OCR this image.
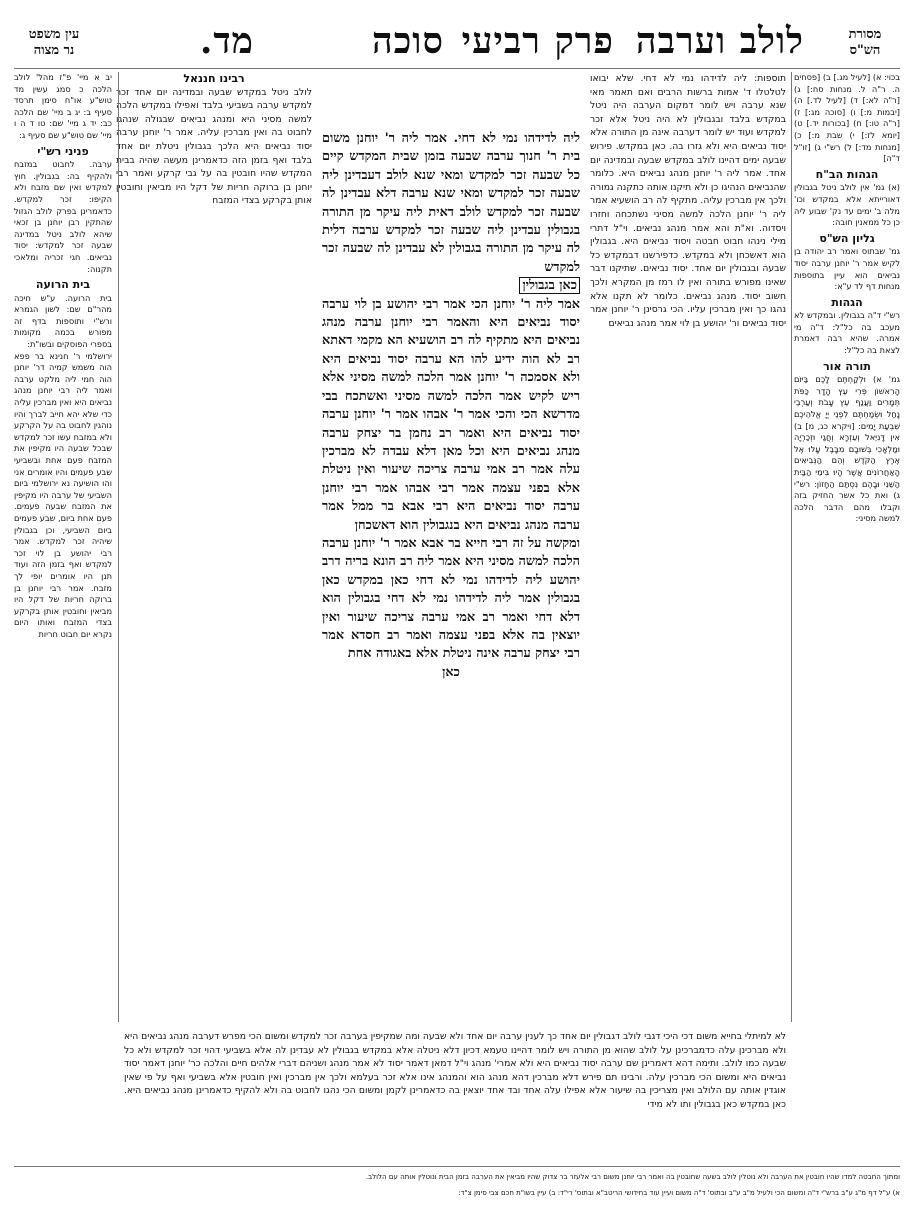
מסורת
הש"ס
לולב וערבה
פרק רביעי
סוכה
מד.
עין משפט
נר מצוה

בכוי: א) [לעיל מג.] ב) [פסחים ה. ר"ה ל. מנחות סח:] ג) [ר"ה לא:] ד) [לעיל לד.] ה) [יבמות מ:] ו) [סוכה מג:] ז) [ר"ה טו:] ח) [בכורות יד.] ט) [יומא לז:] י) שבת מ:] כ) [מנחות מד:] ל) רש"י ג) [זו"ל ד"ה]

הגהות הב"ח

(א) גמ' אין לולב ניטל בגבולין דאורייתא אלא במקדש וכו' מלה ב' ימים עד נק' שבוע ליה כן כל ממאנין חובה:

גליון הש"ס

גמ' שבתוס ואמר רב יהודה בן לקיש אמר ר' יוחנן ערבה יסוד נביאים הוא עיין בתוספות מנחות דף לד ע"א:

הגהות

רש"י ד"ה בגבולין. ובמקדש לא מעכב בה כל"ל: ד"ה מי אמרה. שהיא רבה דאמרת לצאת בה כל"ל:

תורה אור

גמ' א) וּלְקַחְתֶּם לָכֶם בַּיּוֹם הָרִאשׁוֹן פְּרִי עֵץ הָדָר כַּפֹּת תְּמָרִים וַעֲנַף עֵץ עָבֹת וְעַרְבֵי נָחַל וּשְׂמַחְתֶּם לִפְנֵי יְיָ אֱלֹהֵיכֶם שִׁבְעַת יָמִים: [ויקרא כג, מ] ב) אִין דָּנִיֵּאל וְעֵזְרָא וְחֲגַי וּזְכַרְיָה וּמַלְאָכִי בְּשׁוּבָם מִבָּבֶל עָלוּ אֶל אֶרֶץ הַקֹּדֶשׁ וְהֵם הַנְּבִיאִים הָאַחֲרוֹנִים אֲשֶׁר הָיוּ בִּימֵי הַבַּיִת הַשֵּׁנִי וּבָהֶם נִסְתַּם הַחָזוֹן: רש"י ג) ואת כל אשר החזיק בזה וקבלו מהם הדבר הלכה למשה מסיני:

תוספות: ליה לדידהו נמי לא דחי. שלא יבואו לטלטלו ד' אמות ברשות הרבים ואם תאמר מאי שנא ערבה ויש לומר דמקום הערבה היה ניטל במקדש בלבד ובגבולין לא היה ניטל אלא זכר למקדש ועוד יש לומר דערבה אינה מן התורה אלא יסוד נביאים היא ולא גזרו בה. כאן במקדש. פירוש שבעה ימים דהיינו לולב במקדש שבעה ובמדינה יום אחד. אמר ליה ר' יוחנן מנהג נביאים היא. כלומר שהנביאים הנהיגו כן ולא תיקנו אותה כתקנה גמורה ולכך אין מברכין עליה. מתקיף לה רב הושעיא אמר ליה ר' יוחנן הלכה למשה מסיני נשתכחה וחזרו ויסדוה. וא"ת והא אמר מנהג נביאים. וי"ל דתרי מילי נינהו חבוט חבטה ויסוד נביאים היא. בגבולין הוא דאשכחן ולא במקדש. כדפירשנו דבמקדש כל שבעה ובגבולין יום אחד. יסוד נביאים. שתיקנו דבר שאינו מפורש בתורה ואין לו רמז מן המקרא ולכך חשוב יסוד. מנהג נביאים. כלומר לא תקנו אלא נהגו כך ואין מברכין עליו. הכי גרסינן ר' יוחנן אמר יסוד נביאים ור' יהושע בן לוי אמר מנהג נביאים

ליה לדידהו נמי לא דחי. אמר ליה ר' יוחנן משום בית ר' חנוך ערבה שבעה בזמן שבית המקדש קיים כל שבעה זכר למקדש ומאי שנא לולב דעבדינן ליה שבעה זכר למקדש ומאי שנא ערבה דלא עבדינן לה שבעה זכר למקדש לולב דאית ליה עיקר מן התורה בגבולין עבדינן ליה שבעה זכר למקדש ערבה דלית לה עיקר מן התורה בגבולין לא עבדינן לה שבעה זכר למקדש

כאן בגבולין

אמר ליה ר' יוחנן הכי אמר רבי יהושע בן לוי ערבה יסוד נביאים היא והאמר רבי יוחנן ערבה מנהג נביאים היא מתקיף לה רב הושעיא הא מקמי דאתא רב לא הוה ידיע להו הא ערבה יסוד נביאים היא ולא אסמכה ר' יוחנן אמר הלכה למשה מסיני אלא ריש לקיש אמר הלכה למשה מסיני ואשתכח בבי מדרשא הכי והכי אמר ר' אבהו אמר ר' יוחנן ערבה יסוד נביאים היא ואמר רב נחמן בר יצחק ערבה מנהג נביאים היא וכל מאן דלא עבדה לא מברכין עלה אמר רב אמי ערבה צריכה שיעור ואין ניטלת אלא בפני עצמה אמר רבי אבהו אמר רבי יוחנן ערבה יסוד נביאים היא רבי אבא בר ממל אמר ערבה מנהג נביאים היא בנגבולין הוא דאשכחן

ומקשה על זה רבי חייא בר אבא אמר ר' יוחנן ערבה הלכה למשה מסיני היא אמר ליה רב הונא בריה דרב יהושע ליה לדידהו נמי לא דחי כאן במקדש כאן בגבולין אמר ליה לדידהו נמי לא דחי בגבולין הוא דלא דחי ואמר רב אמי ערבה צריכה שיעור ואין יוצאין בה אלא בפני עצמה ואמר רב חסדא אמר רבי יצחק ערבה אינה ניטלת אלא באגודה אחת

כאן

רבינו חננאל

לולב ניטל במקדש שבעה ובמדינה יום אחד זכר למקדש ערבה בשביעי בלבד ואפילו במקדש הלכה למשה מסיני היא ומנהג נביאים שבגולה שנהגו לחבוט בה ואין מברכין עליה. אמר ר' יוחנן ערבה יסוד נביאים היא הלכך בגבולין ניטלת יום אחד בלבד ואף בזמן הזה כדאמרינן מעשה שהיה בבית המקדש שהיו חובטין בה על גבי קרקע ואמר רבי יוחנן בן ברוקה חריות של דקל היו מביאין וחובטין אותן בקרקע בצדי המזבח

יב א מיי' פ"ז מהל' לולב הלכה כ סמג עשין מד טוש"ע או"ח סימן תרסד סעיף ב: יג ב מיי' שם הלכה כב: יד ג מיי' שם: טו ד ה ו מיי' שם טוש"ע שם סעיף ג:

פניני רש"י

ערבה. לחבוט במזבח ולהקיף בה: בגבולין. חוץ למקדש ואין שם מזבח ולא הקיפו: זכר למקדש. כדאמרינן בפרק לולב הגזול שהתקין רבן יוחנן בן זכאי שיהא לולב ניטל במדינה שבעה זכר למקדש: יסוד נביאים. חגי זכריה ומלאכי תקנוה:

בית הרועה

בית הרועה. ע"ש חיכה מהר"ם שם: לשון הגמרא ורש"י ותוספות בדף זה מפורש בכמה מקומות בספרי הפוסקים ובשו"ת:

ירושלמי ר' חנינא בר פפא הוה משמש קמיה דר' יוחנן הוה חמי ליה מלקט ערבה ואמר ליה רבי יוחנן מנהג נביאים היא ואין מברכין עליה כדי שלא יהא חייב לברך והיו נוהגין לחבוט בה על הקרקע ולא במזבח עשו זכר למקדש שבכל שבעה היו מקיפין את המזבח פעם אחת ובשביעי שבע פעמים והיו אומרים אני והו הושיעה נא ירושלמי ביום השביעי של ערבה היו מקיפין את המזבח שבעה פעמים. פעם אחת ביום, שבע פעמים ביום השביעי, וכן בגבולין שיהיה זכר למקדש. אמר רבי יהושע בן לוי זכר למקדש ואף בזמן הזה ועוד תנן היו אומרים יופי לך מזבח. אמר רבי יוחנן בן ברוקה חריות של דקל היו מביאין וחובטין אותן בקרקע בצדי המזבח ואותו היום נקרא יום חבוט חריות

לא למיתלי בחייא משום דכי היכי דגבי לולב דגבולין יום אחד כך לענין ערבה יום אחד ולא שבעה ומה שמקיפין בערבה זכר למקדש ומשום הכי מפרש דערבה מנהג נביאים היא ולא מברכינן עלה כדמברכינן על לולב שהוא מן התורה ויש לומר דהיינו טעמא דכיון דלא ניטלה אלא במקדש בגבולין לא עבדינן לה אלא בשביעי דהוי זכר למקדש ולא כל שבעה כמו לולב. ותימה דהא דאמרינן שם ערבה יסוד נביאים היא ולא אמרי' מנהג וי"ל דמאן דאמר יסוד לא אמר מנהג ושניהם דברי אלהים חיים והלכה כר' יוחנן דאמר יסוד נביאים היא ומשום הכי מברכין עלה. ורבינו תם פירש דלא מברכין דהא מנהג הוא והמנהג אינו אלא זכר בעלמא ולכך אין מברכין ואין חובטין אלא בשביעי ואף על פי שאין אוגדין אותה עם הלולב ואין מצריכין בה שיעור אלא אפילו עלה אחד ובד אחד יוצאין בה כדאמרינן לקמן ומשום הכי נהגו לחבוט בה ולא להקיף כדאמרינן מנהג נביאים היא. כאן במקדש כאן בגבולין ותו לא מידי

ומתוך החבטה למדו שהיו חובטין את הערבה ולא נוטלין לולב בשעה שחובטין בה ואמר רבי יוחנן משום רבי אלעזר בר צדוק שהיו מביאין את הערבה בזמן הבית ונוטלין אותה עם הלולב.
א) ע"ל דף מ"ג ע"ב ברש"י ד"ה ומשום הכי ולעיל מ"ב ע"ב ובתוס' ד"ה משום ועיין עוד בחידושי הריטב"א ובתוס' רי"ד: ב) עיין בשו"ת חכם צבי סימן צ"ד:
